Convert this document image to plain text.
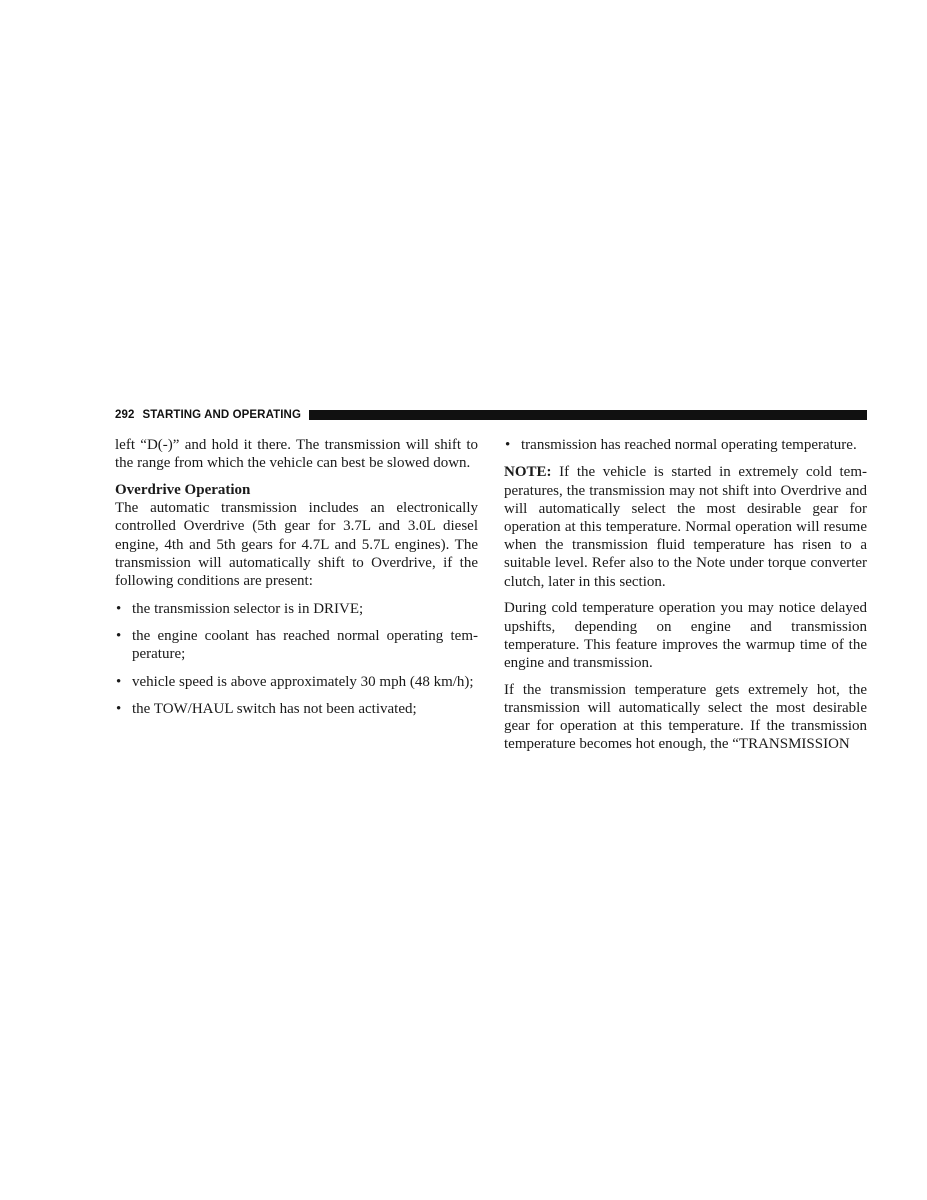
292 STARTING AND OPERATING

left “D(-)” and hold it there. The transmission will shift to the range from which the vehicle can best be slowed down.

Overdrive Operation

The automatic transmission includes an electronically controlled Overdrive (5th gear for 3.7L and 3.0L diesel engine, 4th and 5th gears for 4.7L and 5.7L engines). The transmission will automatically shift to Overdrive, if the following conditions are present:

• the transmission selector is in DRIVE;
• the engine coolant has reached normal operating temperature;
• vehicle speed is above approximately 30 mph (48 km/h);
• the TOW/HAUL switch has not been activated;
• transmission has reached normal operating temperature.

NOTE: If the vehicle is started in extremely cold temperatures, the transmission may not shift into Overdrive and will automatically select the most desirable gear for operation at this temperature. Normal operation will resume when the transmission fluid temperature has risen to a suitable level. Refer also to the Note under torque converter clutch, later in this section.

During cold temperature operation you may notice delayed upshifts, depending on engine and transmission temperature. This feature improves the warmup time of the engine and transmission.

If the transmission temperature gets extremely hot, the transmission will automatically select the most desirable gear for operation at this temperature. If the transmission temperature becomes hot enough, the “TRANSMISSION
